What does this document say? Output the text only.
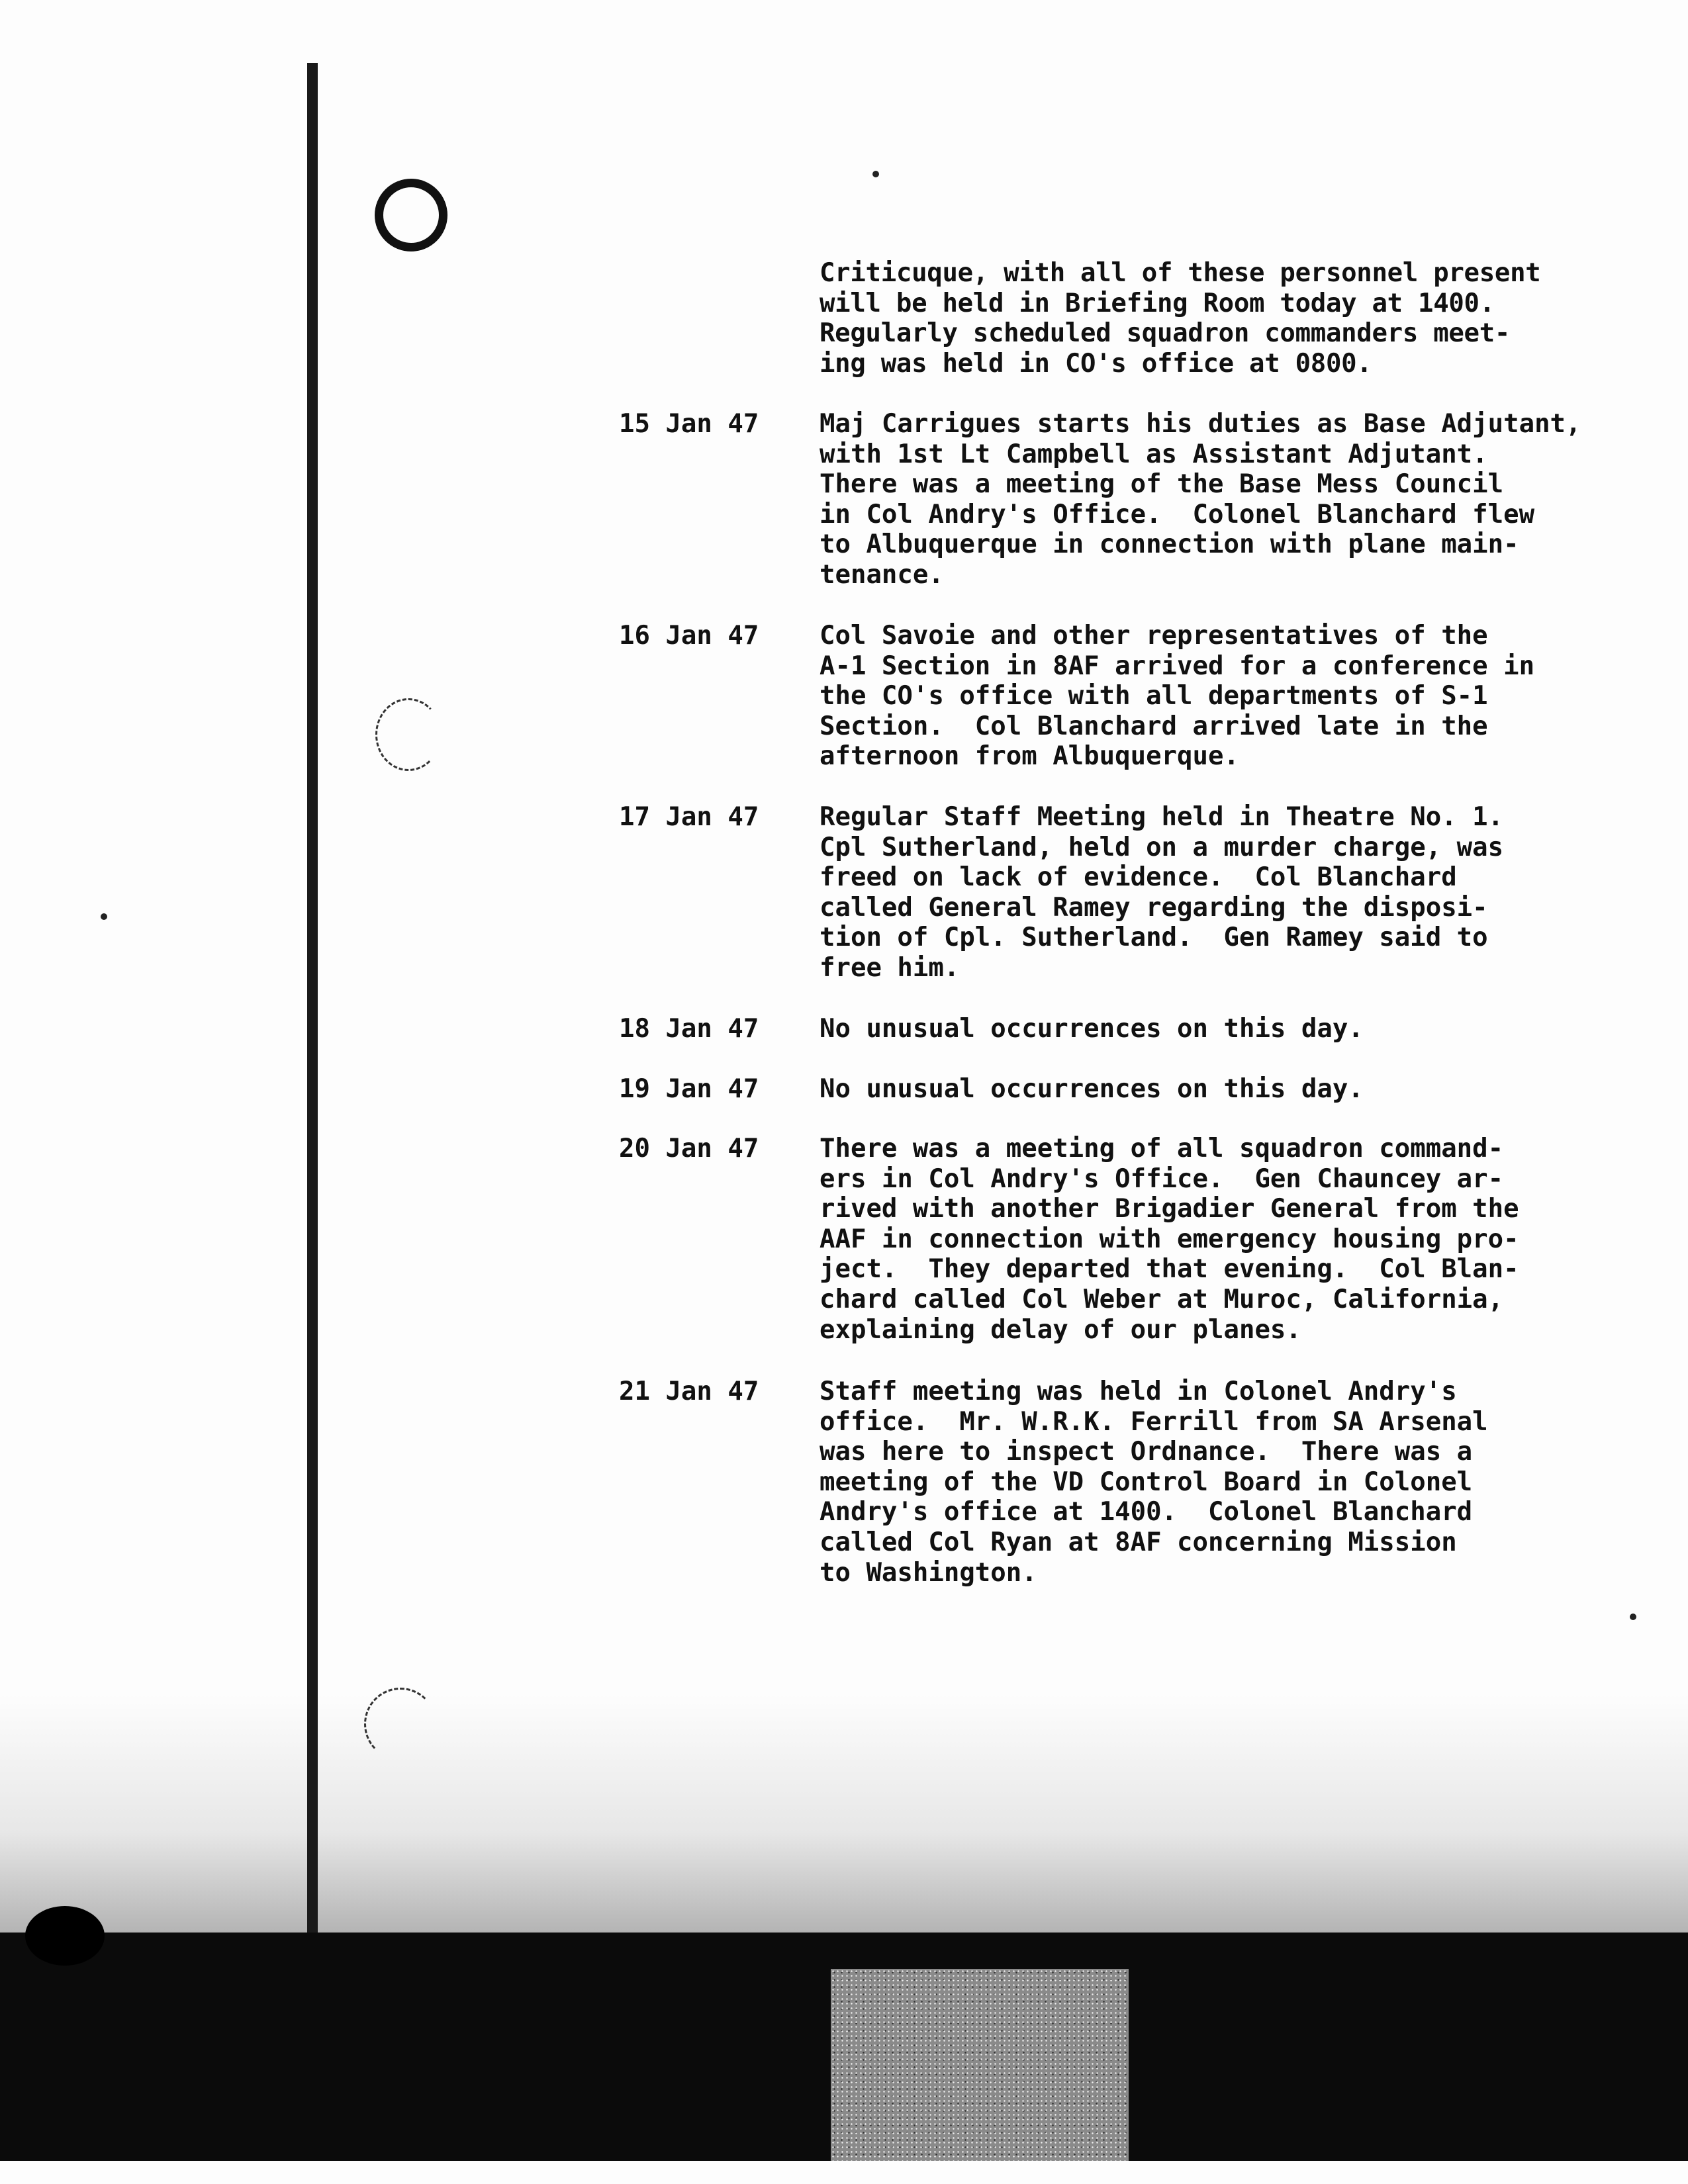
Criticuque, with all of these personnel present
will be held in Briefing Room today at 1400.
Regularly scheduled squadron commanders meet-
ing was held in CO's office at 0800.
15 Jan 47 Maj Carrigues starts his duties as Base Adjutant,
with 1st Lt Campbell as Assistant Adjutant.
There was a meeting of the Base Mess Council
in Col Andry's Office.  Colonel Blanchard flew
to Albuquerque in connection with plane main-
tenance.
16 Jan 47 Col Savoie and other representatives of the
A-1 Section in 8AF arrived for a conference in
the CO's office with all departments of S-1
Section.  Col Blanchard arrived late in the
afternoon from Albuquerque.
17 Jan 47 Regular Staff Meeting held in Theatre No. 1.
Cpl Sutherland, held on a murder charge, was
freed on lack of evidence.  Col Blanchard
called General Ramey regarding the disposi-
tion of Cpl. Sutherland.  Gen Ramey said to
free him.
18 Jan 47 No unusual occurrences on this day.
19 Jan 47 No unusual occurrences on this day.
20 Jan 47 There was a meeting of all squadron command-
ers in Col Andry's Office.  Gen Chauncey ar-
rived with another Brigadier General from the
AAF in connection with emergency housing pro-
ject.  They departed that evening.  Col Blan-
chard called Col Weber at Muroc, California,
explaining delay of our planes.
21 Jan 47 Staff meeting was held in Colonel Andry's
office.  Mr. W.R.K. Ferrill from SA Arsenal
was here to inspect Ordnance.  There was a
meeting of the VD Control Board in Colonel
Andry's office at 1400.  Colonel Blanchard
called Col Ryan at 8AF concerning Mission
to Washington.
